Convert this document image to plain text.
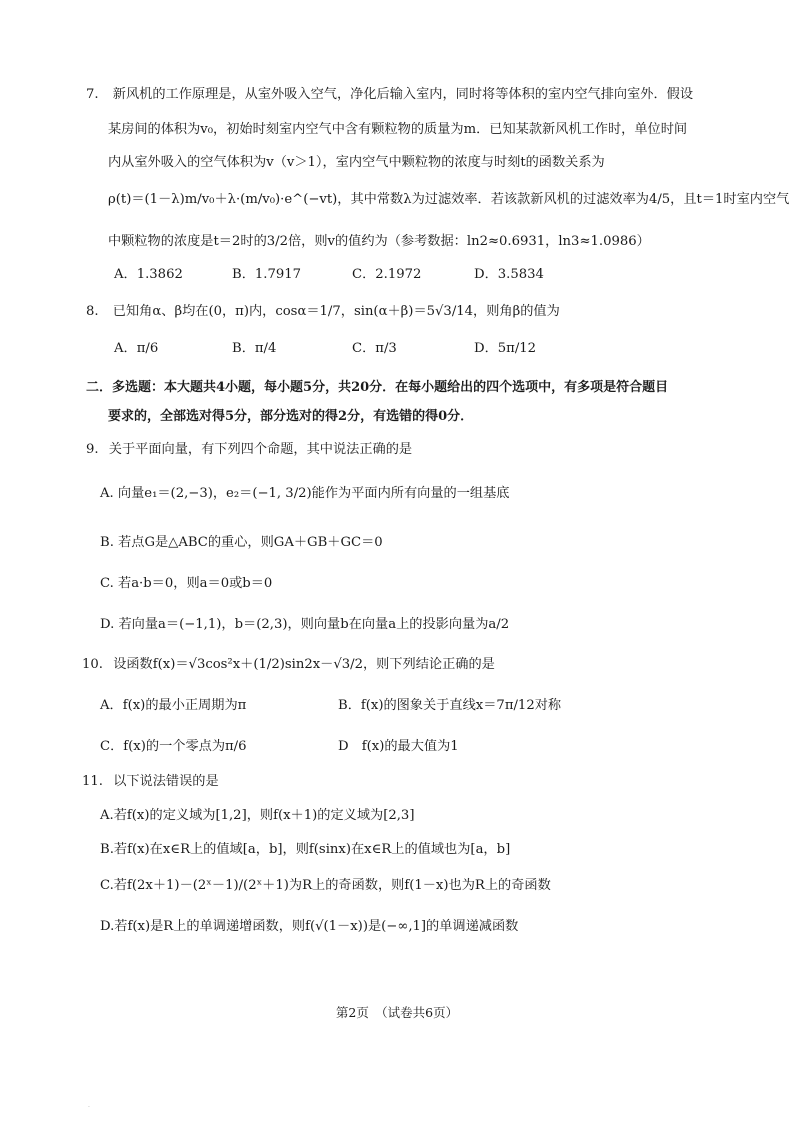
7. 新风机的工作原理是，从室外吸入空气，净化后输入室内，同时将等体积的室内空气排向室外．假设
某房间的体积为v₀，初始时刻室内空气中含有颗粒物的质量为m．已知某款新风机工作时，单位时间
内从室外吸入的空气体积为v（v＞1），室内空气中颗粒物的浓度与时刻t的函数关系为
ρ(t)＝(1－λ)m/v₀＋λ·(m/v₀)·e^(−vt)，其中常数λ为过滤效率．若该款新风机的过滤效率为4/5，且t＝1时室内空气
中颗粒物的浓度是t＝2时的3/2倍，则v的值约为（参考数据：ln2≈0.6931，ln3≈1.0986）
A．1.3862	B．1.7917	C．2.1972	D．3.5834
8. 已知角α、β均在(0，π)内，cosα＝1/7，sin(α＋β)＝5√3/14，则角β的值为
A．π/6	B．π/4	C．π/3	D．5π/12
二．多选题：本大题共4小题，每小题5分，共20分．在每小题给出的四个选项中，有多项是符合题目
要求的，全部选对得5分，部分选对的得2分，有选错的得0分．
9. 关于平面向量，有下列四个命题，其中说法正确的是
A. 向量e₁＝(2,−3)，e₂＝(−1, 3/2)能作为平面内所有向量的一组基底
B. 若点G是△ABC的重心，则GA＋GB＋GC＝0
C. 若a·b＝0，则a＝0或b＝0
D. 若向量a＝(−1,1)，b＝(2,3)，则向量b在向量a上的投影向量为a/2
10. 设函数f(x)＝√3cos²x＋(1/2)sin2x－√3/2，则下列结论正确的是
A．f(x)的最小正周期为π	B．f(x)的图象关于直线x＝7π/12对称
C．f(x)的一个零点为π/6	D　f(x)的最大值为1
11. 以下说法错误的是
A.若f(x)的定义域为[1,2]，则f(x＋1)的定义域为[2,3]
B.若f(x)在x∈R上的值域[a，b]，则f(sinx)在x∈R上的值域也为[a，b]
C.若f(2x＋1)－(2ˣ－1)/(2ˣ＋1)为R上的奇函数，则f(1－x)也为R上的奇函数
D.若f(x)是R上的单调递增函数，则f(√(1－x))是(−∞,1]的单调递减函数
第2页　（试卷共6页）
.
